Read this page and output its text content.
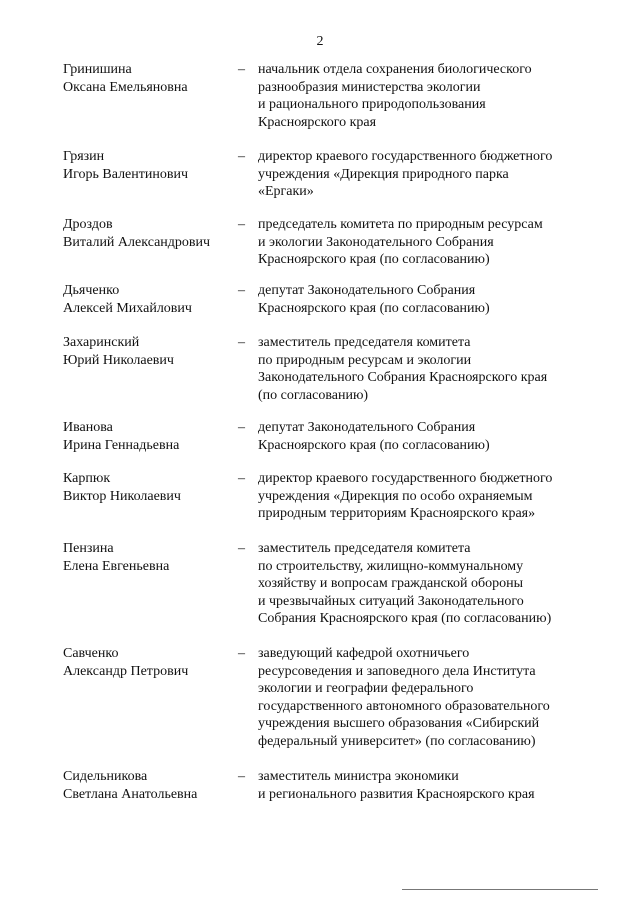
2
Гринишина
Оксана Емельяновна
– начальник отдела сохранения биологического
разнообразия министерства экологии
и рационального природопользования
Красноярского края
Грязин
Игорь Валентинович
– директор краевого государственного бюджетного
учреждения «Дирекция природного парка
«Ергаки»
Дроздов
Виталий Александрович
– председатель комитета по природным ресурсам
и экологии Законодательного Собрания
Красноярского края (по согласованию)
Дьяченко
Алексей Михайлович
– депутат Законодательного Собрания
Красноярского края (по согласованию)
Захаринский
Юрий Николаевич
– заместитель председателя комитета
по природным ресурсам и экологии
Законодательного Собрания Красноярского края
(по согласованию)
Иванова
Ирина Геннадьевна
– депутат Законодательного Собрания
Красноярского края (по согласованию)
Карпюк
Виктор Николаевич
– директор краевого государственного бюджетного
учреждения «Дирекция по особо охраняемым
природным территориям Красноярского края»
Пензина
Елена Евгеньевна
– заместитель председателя комитета
по строительству, жилищно-коммунальному
хозяйству и вопросам гражданской обороны
и чрезвычайных ситуаций Законодательного
Собрания Красноярского края (по согласованию)
Савченко
Александр Петрович
– заведующий кафедрой охотничьего
ресурсоведения и заповедного дела Института
экологии и географии федерального
государственного автономного образовательного
учреждения высшего образования «Сибирский
федеральный университет» (по согласованию)
Сидельникова
Светлана Анатольевна
– заместитель министра экономики
и регионального развития Красноярского края
